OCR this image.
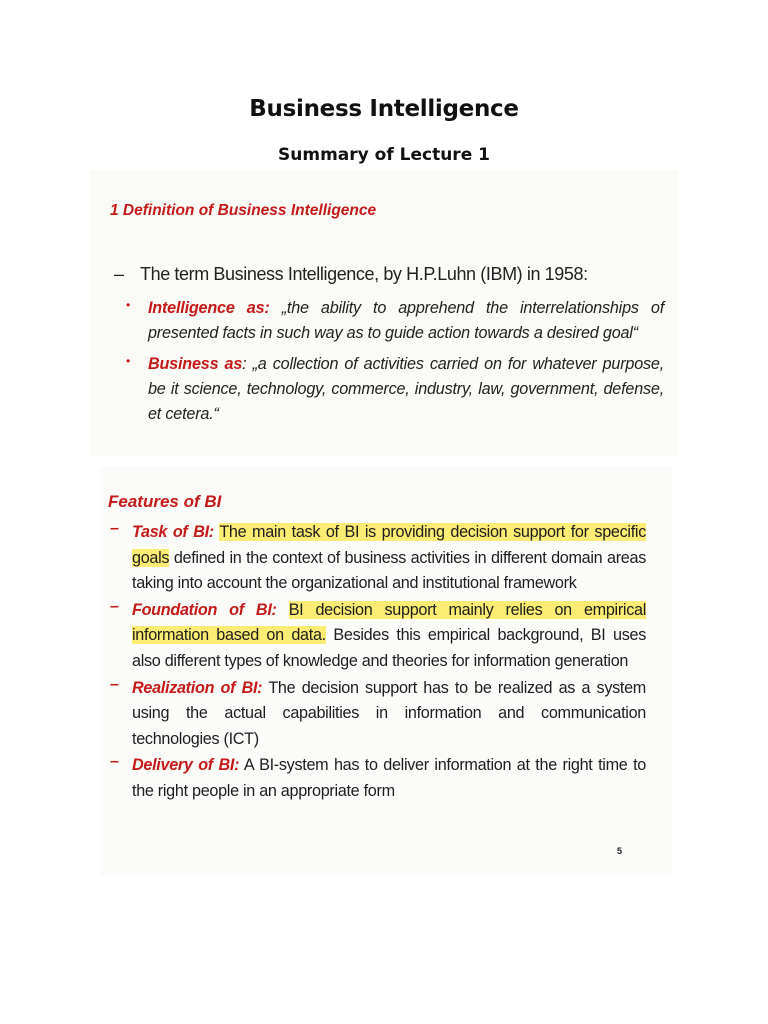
Business Intelligence
Summary of Lecture 1
1 Definition of Business Intelligence
– The term Business Intelligence, by H.P.Luhn (IBM) in 1958:
• Intelligence as: „the ability to apprehend the interrelationships of presented facts in such way as to guide action towards a desired goal“

• Business as: „a collection of activities carried on for whatever purpose, be it science, technology, commerce, industry, law, government, defense, et cetera.“

Features of BI
– Task of BI: The main task of BI is providing decision support for specific goals defined in the context of business activities in different domain areas taking into account the organizational and institutional framework

– Foundation of BI: BI decision support mainly relies on empirical information based on data. Besides this empirical background, BI uses also different types of knowledge and theories for information generation

– Realization of BI: The decision support has to be realized as a system using the actual capabilities in information and communication technologies (ICT)

– Delivery of BI: A BI-system has to deliver information at the right time to the right people in an appropriate form

5
